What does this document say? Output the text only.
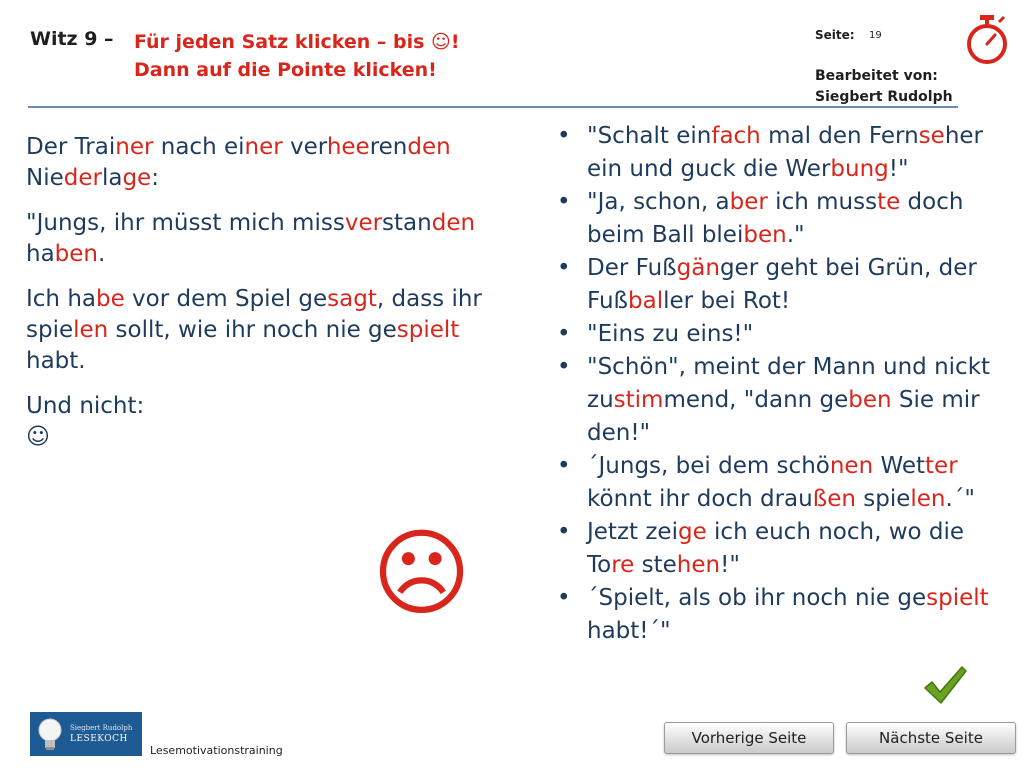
Witz 9 – Für jeden Satz klicken – bis ☺!
Dann auf die Pointe klicken!
Seite: 19
Bearbeitet von:
Siegbert Rudolph

Der Trainer nach einer verheerenden Niederlage:

"Jungs, ihr müsst mich missverstanden haben.

Ich habe vor dem Spiel gesagt, dass ihr spielen sollt, wie ihr noch nie gespielt habt.

Und nicht:
☺

• "Schalt einfach mal den Fernseher ein und guck die Werbung!"
• "Ja, schon, aber ich musste doch beim Ball bleiben."
• Der Fußgänger geht bei Grün, der Fußballer bei Rot!
• "Eins zu eins!"
• "Schön", meint der Mann und nickt zustimmend, "dann geben Sie mir den!"
• ´Jungs, bei dem schönen Wetter könnt ihr doch draußen spielen.´"
• Jetzt zeige ich euch noch, wo die Tore stehen!"
• ´Spielt, als ob ihr noch nie gespielt habt!´"
☹
Siegbert Rudolph
LESEKOCH
Lesemotivationstraining
Vorherige Seite	Nächste Seite
